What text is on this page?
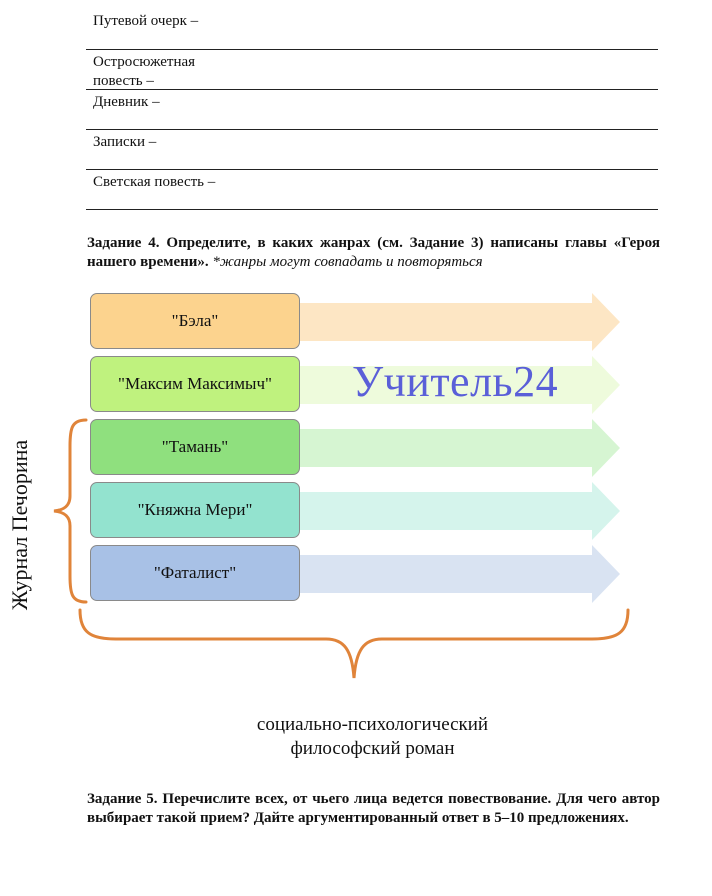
Путевой очерк –
Остросюжетная
повесть –
Дневник –
Записки –
Светская повесть –
Задание 4. Определите, в каких жанрах (см. Задание 3) написаны главы «Героя нашего времени». *жанры могут совпадать и повторяться
"Бэла"
"Максим Максимыч"
"Тамань"
"Княжна Мери"
"Фаталист"
Учитель24
Журнал Печорина
социально-психологический
философский роман
Задание 5. Перечислите всех, от чьего лица ведется повествование. Для чего автор выбирает такой прием? Дайте аргументированный ответ в 5–10 предложениях.
